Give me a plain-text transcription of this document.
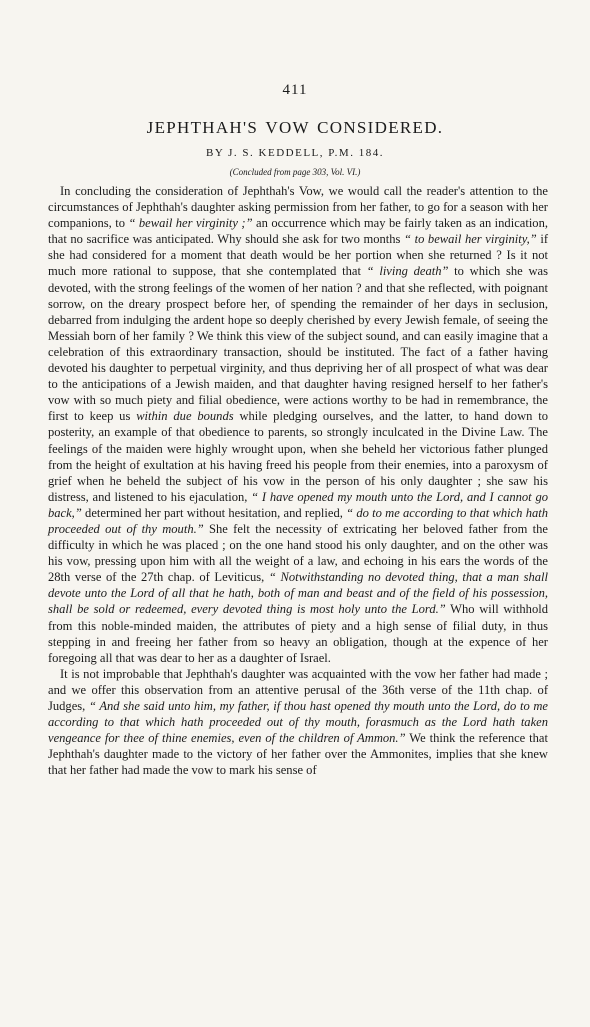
411
JEPHTHAH'S VOW CONSIDERED.
BY J. S. KEDDELL, P.M. 184.
(Concluded from page 303, Vol. VI.)

In concluding the consideration of Jephthah's Vow, we would call the reader's attention to the circumstances of Jephthah's daughter asking permission from her father, to go for a season with her companions, to “ bewail her virginity ;” an occurrence which may be fairly taken as an indication, that no sacrifice was anticipated. Why should she ask for two months “ to bewail her virginity,” if she had considered for a moment that death would be her portion when she returned ? Is it not much more rational to suppose, that she contemplated that “ living death” to which she was devoted, with the strong feelings of the women of her nation ? and that she reflected, with poignant sorrow, on the dreary prospect before her, of spending the remainder of her days in seclusion, debarred from indulging the ardent hope so deeply cherished by every Jewish female, of seeing the Messiah born of her family ? We think this view of the subject sound, and can easily imagine that a celebration of this extraordinary transaction, should be instituted. The fact of a father having devoted his daughter to perpetual virginity, and thus depriving her of all prospect of what was dear to the anticipations of a Jewish maiden, and that daughter having resigned herself to her father's vow with so much piety and filial obedience, were actions worthy to be had in remembrance, the first to keep us within due bounds while pledging ourselves, and the latter, to hand down to posterity, an example of that obedience to parents, so strongly inculcated in the Divine Law. The feelings of the maiden were highly wrought upon, when she beheld her victorious father plunged from the height of exultation at his having freed his people from their enemies, into a paroxysm of grief when he beheld the subject of his vow in the person of his only daughter ; she saw his distress, and listened to his ejaculation, “ I have opened my mouth unto the Lord, and I cannot go back,” determined her part without hesitation, and replied, “ do to me according to that which hath proceeded out of thy mouth.” She felt the necessity of extricating her beloved father from the difficulty in which he was placed ; on the one hand stood his only daughter, and on the other was his vow, pressing upon him with all the weight of a law, and echoing in his ears the words of the 28th verse of the 27th chap. of Leviticus, “ Notwithstanding no devoted thing, that a man shall devote unto the Lord of all that he hath, both of man and beast and of the field of his possession, shall be sold or redeemed, every devoted thing is most holy unto the Lord.” Who will withhold from this noble-minded maiden, the attributes of piety and a high sense of filial duty, in thus stepping in and freeing her father from so heavy an obligation, though at the expence of her foregoing all that was dear to her as a daughter of Israel.

It is not improbable that Jephthah's daughter was acquainted with the vow her father had made ; and we offer this observation from an attentive perusal of the 36th verse of the 11th chap. of Judges, “ And she said unto him, my father, if thou hast opened thy mouth unto the Lord, do to me according to that which hath proceeded out of thy mouth, forasmuch as the Lord hath taken vengeance for thee of thine enemies, even of the children of Ammon.” We think the reference that Jephthah's daughter made to the victory of her father over the Ammonites, implies that she knew that her father had made the vow to mark his sense of
